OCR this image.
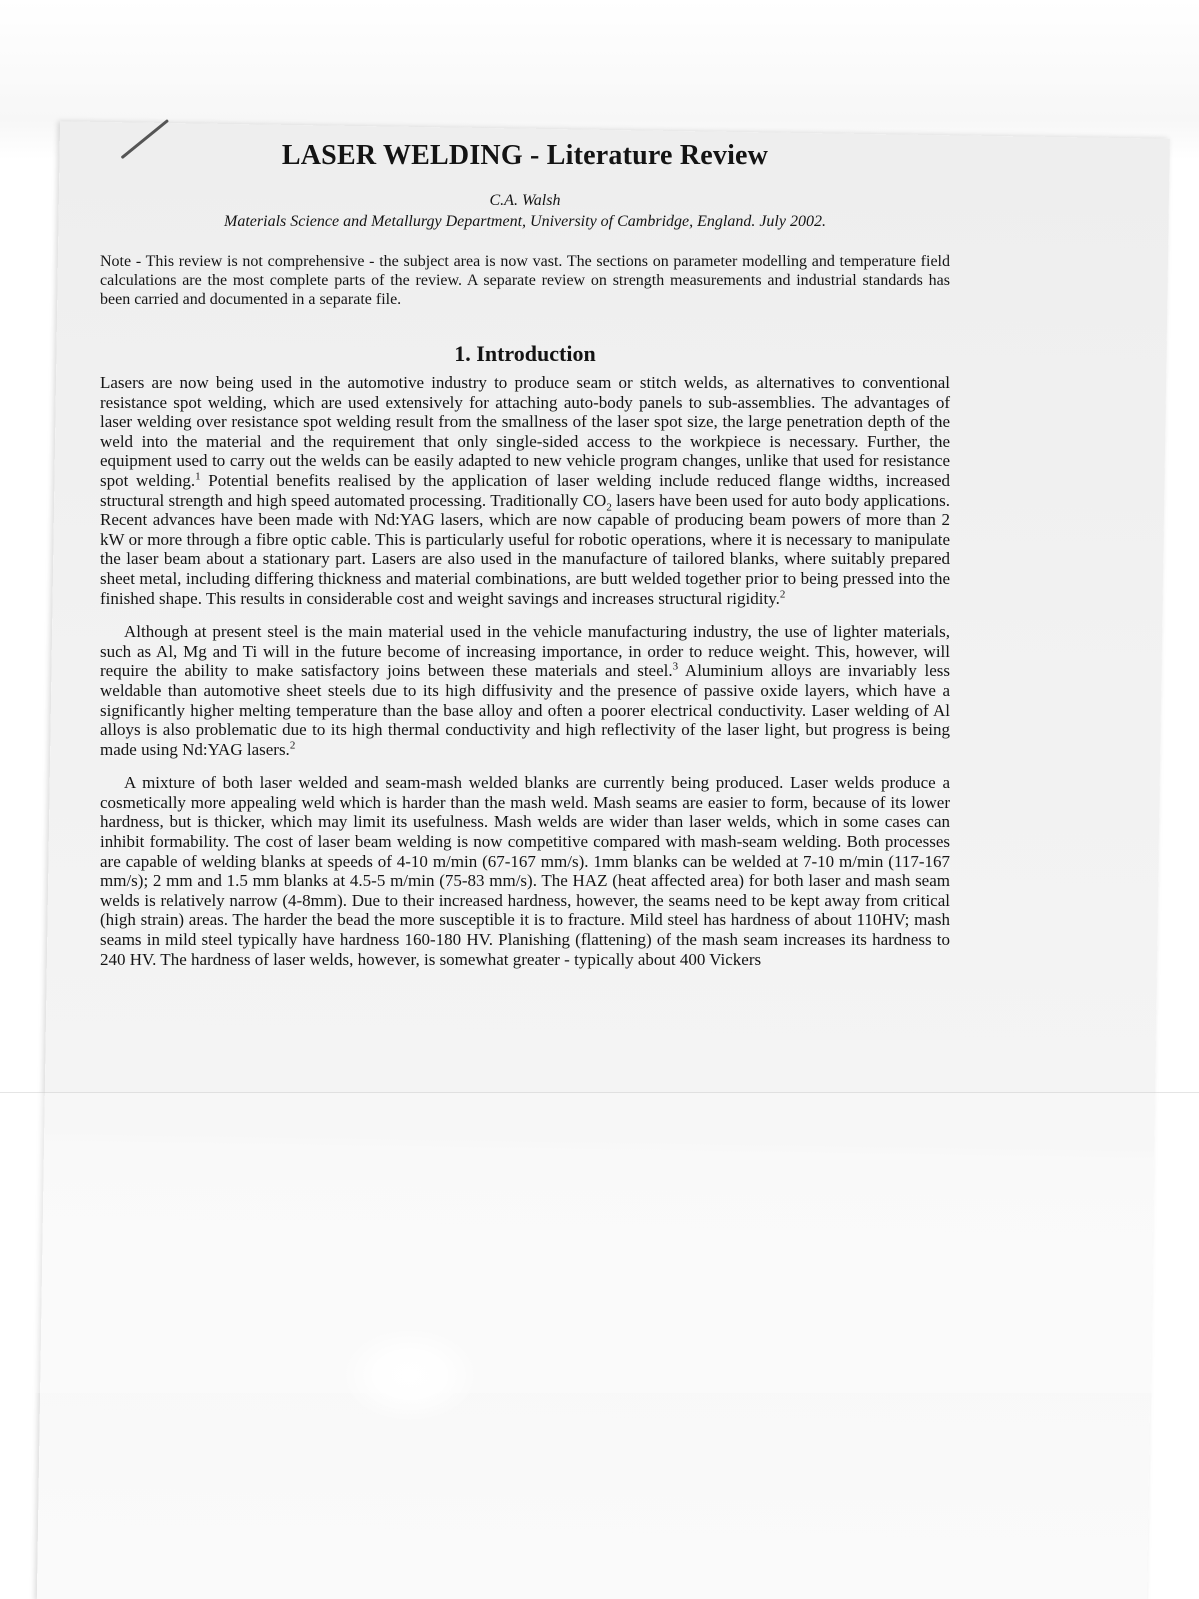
LASER WELDING - Literature Review
C.A. Walsh
Materials Science and Metallurgy Department, University of Cambridge, England. July 2002.
Note - This review is not comprehensive - the subject area is now vast. The sections on parameter modelling and temperature field calculations are the most complete parts of the review. A separate review on strength measurements and industrial standards has been carried and documented in a separate file.
1. Introduction

Lasers are now being used in the automotive industry to produce seam or stitch welds, as alternatives to conventional resistance spot welding, which are used extensively for attaching auto-body panels to sub-assemblies. The advantages of laser welding over resistance spot welding result from the smallness of the laser spot size, the large penetration depth of the weld into the material and the requirement that only single-sided access to the workpiece is necessary. Further, the equipment used to carry out the welds can be easily adapted to new vehicle program changes, unlike that used for resistance spot welding.$^1$ Potential benefits realised by the application of laser welding include reduced flange widths, increased structural strength and high speed automated processing. Traditionally $CO_2$ lasers have been used for auto body applications. Recent advances have been made with Nd:YAG lasers, which are now capable of producing beam powers of more than 2 kW or more through a fibre optic cable. This is particularly useful for robotic operations, where it is necessary to manipulate the laser beam about a stationary part. Lasers are also used in the manufacture of tailored blanks, where suitably prepared sheet metal, including differing thickness and material combinations, are butt welded together prior to being pressed into the finished shape. This results in considerable cost and weight savings and increases structural rigidity.$^2$

Although at present steel is the main material used in the vehicle manufacturing industry, the use of lighter materials, such as Al, Mg and Ti will in the future become of increasing importance, in order to reduce weight. This, however, will require the ability to make satisfactory joins between these materials and steel.$^3$ Aluminium alloys are invariably less weldable than automotive sheet steels due to its high diffusivity and the presence of passive oxide layers, which have a significantly higher melting temperature than the base alloy and often a poorer electrical conductivity. Laser welding of Al alloys is also problematic due to its high thermal conductivity and high reflectivity of the laser light, but progress is being made using Nd:YAG lasers.$^2$

A mixture of both laser welded and seam-mash welded blanks are currently being produced. Laser welds produce a cosmetically more appealing weld which is harder than the mash weld. Mash seams are easier to form, because of its lower hardness, but is thicker, which may limit its usefulness. Mash welds are wider than laser welds, which in some cases can inhibit formability. The cost of laser beam welding is now competitive compared with mash-seam welding. Both processes are capable of welding blanks at speeds of 4-10 m/min (67-167 mm/s). 1mm blanks can be welded at 7-10 m/min (117-167 mm/s); 2 mm and 1.5 mm blanks at 4.5-5 m/min (75-83 mm/s). The HAZ (heat affected area) for both laser and mash seam welds is relatively narrow (4-8mm). Due to their increased hardness, however, the seams need to be kept away from critical (high strain) areas. The harder the bead the more susceptible it is to fracture. Mild steel has hardness of about 110HV; mash seams in mild steel typically have hardness 160-180 HV. Planishing (flattening) of the mash seam increases its hardness to 240 HV. The hardness of laser welds, however, is somewhat greater - typically about 400 Vickers
